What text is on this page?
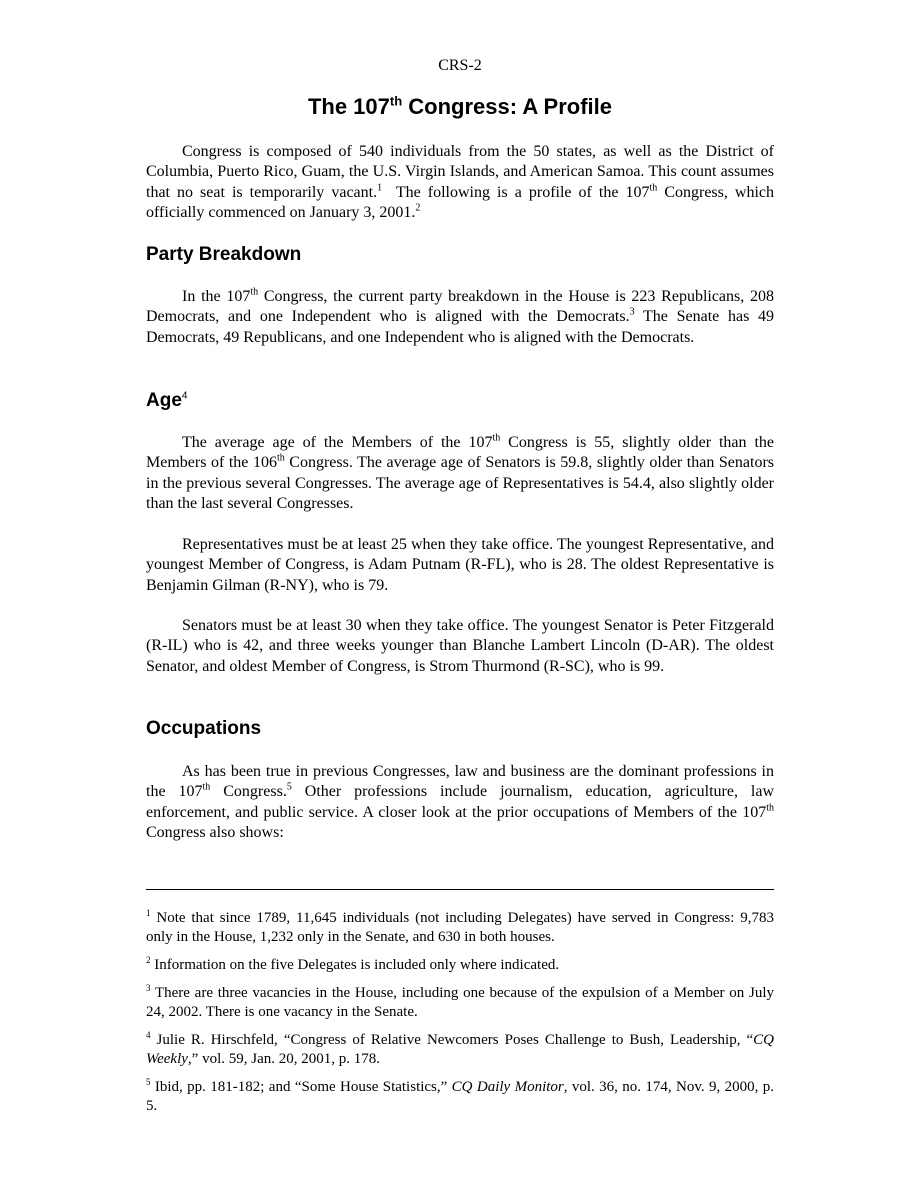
CRS-2
The 107th Congress: A Profile

Congress is composed of 540 individuals from the 50 states, as well as the District of Columbia, Puerto Rico, Guam, the U.S. Virgin Islands, and American Samoa. This count assumes that no seat is temporarily vacant.$^1$  The following is a profile of the 107th Congress, which officially commenced on January 3, 2001.$^2$

Party Breakdown

In the 107th Congress, the current party breakdown in the House is 223 Republicans, 208 Democrats, and one Independent who is aligned with the Democrats.$^3$ The Senate has 49 Democrats, 49 Republicans, and one Independent who is aligned with the Democrats.

Age$^4$

The average age of the Members of the 107th Congress is 55, slightly older than the Members of the 106th Congress. The average age of Senators is 59.8, slightly older than Senators in the previous several Congresses. The average age of Representatives is 54.4, also slightly older than the last several Congresses.

Representatives must be at least 25 when they take office. The youngest Representative, and youngest Member of Congress, is Adam Putnam (R-FL), who is 28. The oldest Representative is Benjamin Gilman (R-NY), who is 79.

Senators must be at least 30 when they take office. The youngest Senator is Peter Fitzgerald (R-IL) who is 42, and three weeks younger than Blanche Lambert Lincoln (D-AR). The oldest Senator, and oldest Member of Congress, is Strom Thurmond (R-SC), who is 99.

Occupations

As has been true in previous Congresses, law and business are the dominant professions in the 107th Congress.$^5$ Other professions include journalism, education, agriculture, law enforcement, and public service. A closer look at the prior occupations of Members of the 107th Congress also shows:

$^1$ Note that since 1789, 11,645 individuals (not including Delegates) have served in Congress: 9,783 only in the House, 1,232 only in the Senate, and 630 in both houses.

$^2$ Information on the five Delegates is included only where indicated.

$^3$ There are three vacancies in the House, including one because of the expulsion of a Member on July 24, 2002. There is one vacancy in the Senate.

$^4$ Julie R. Hirschfeld, “Congress of Relative Newcomers Poses Challenge to Bush, Leadership, “CQ Weekly,” vol. 59, Jan. 20, 2001, p. 178.

$^5$ Ibid, pp. 181-182; and “Some House Statistics,” CQ Daily Monitor, vol. 36, no. 174, Nov. 9, 2000, p. 5.
